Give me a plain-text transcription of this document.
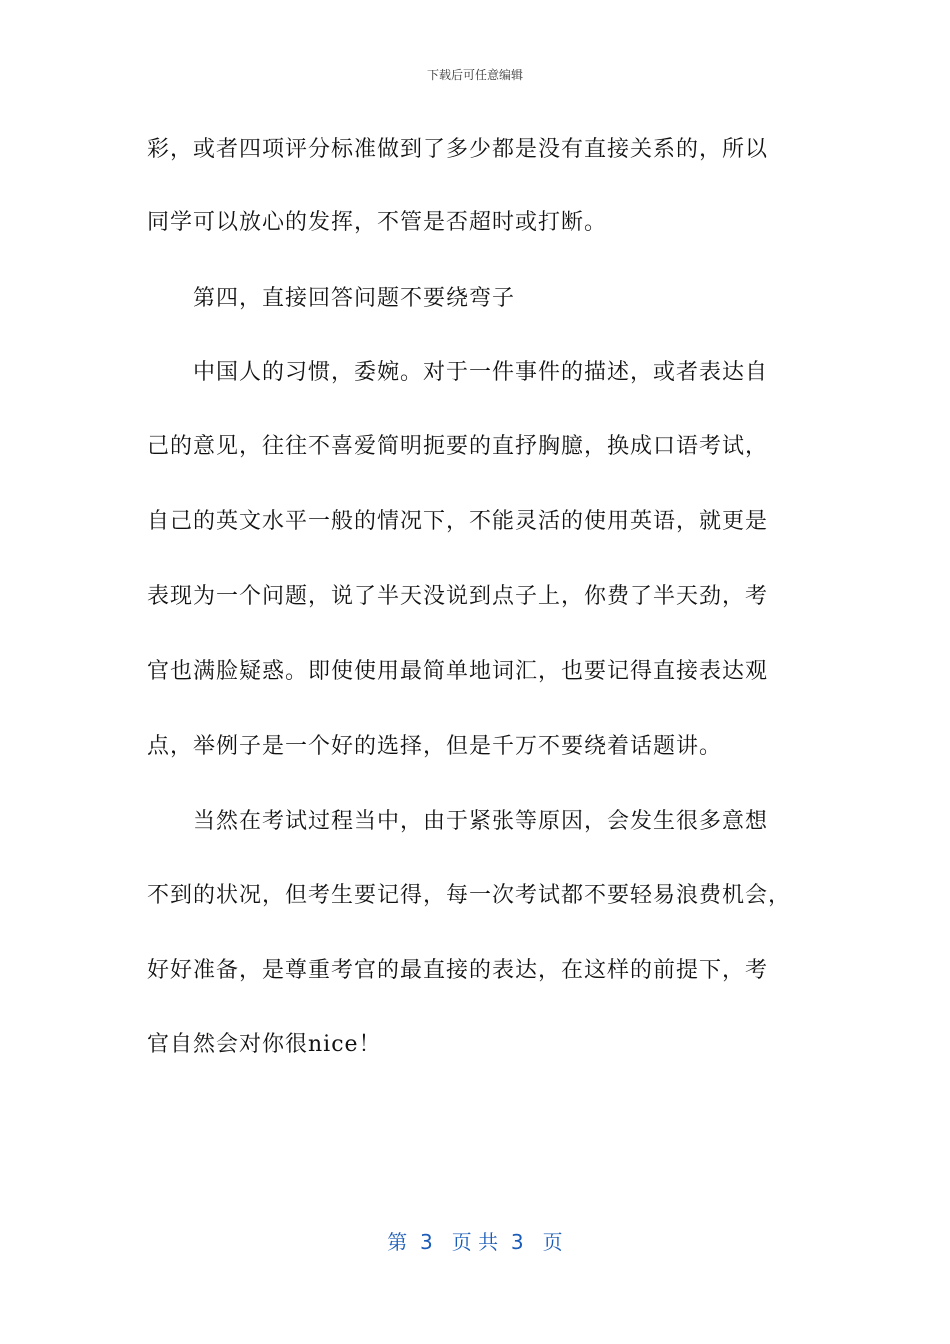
下载后可任意编辑
彩，或者四项评分标准做到了多少都是没有直接关系的，所以
同学可以放心的发挥，不管是否超时或打断。
第四，直接回答问题不要绕弯子
中国人的习惯，委婉。对于一件事件的描述，或者表达自
己的意见，往往不喜爱简明扼要的直抒胸臆，换成口语考试，
自己的英文水平一般的情况下，不能灵活的使用英语，就更是
表现为一个问题，说了半天没说到点子上，你费了半天劲，考
官也满脸疑惑。即使使用最简单地词汇，也要记得直接表达观
点，举例子是一个好的选择，但是千万不要绕着话题讲。
当然在考试过程当中，由于紧张等原因，会发生很多意想
不到的状况，但考生要记得，每一次考试都不要轻易浪费机会，
好好准备，是尊重考官的最直接的表达，在这样的前提下，考
官自然会对你很nice！
第  3   页 共  3   页
